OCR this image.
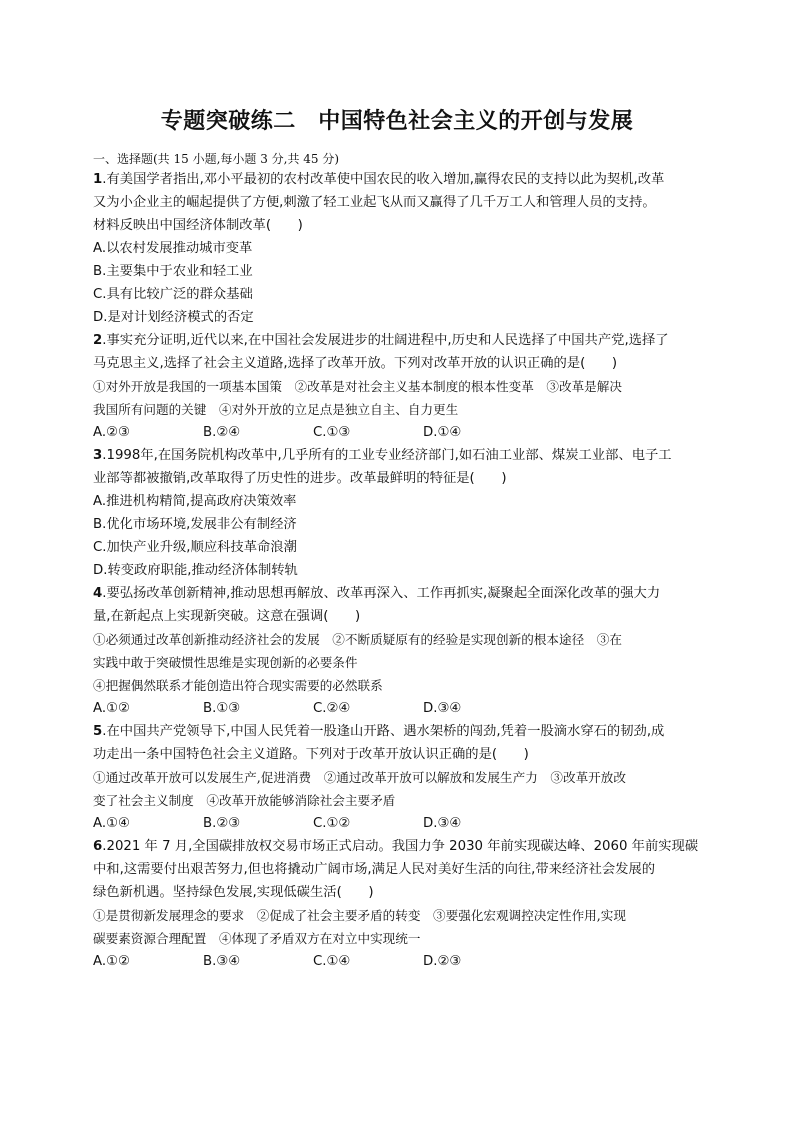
专题突破练二　中国特色社会主义的开创与发展
一、选择题(共 15 小题,每小题 3 分,共 45 分)
1.有美国学者指出,邓小平最初的农村改革使中国农民的收入增加,赢得农民的支持以此为契机,改革
又为小企业主的崛起提供了方便,刺激了轻工业起飞从而又赢得了几千万工人和管理人员的支持。
材料反映出中国经济体制改革(　　)
A.以农村发展推动城市变革
B.主要集中于农业和轻工业
C.具有比较广泛的群众基础
D.是对计划经济模式的否定
2.事实充分证明,近代以来,在中国社会发展进步的壮阔进程中,历史和人民选择了中国共产党,选择了
马克思主义,选择了社会主义道路,选择了改革开放。下列对改革开放的认识正确的是(　　)
①对外开放是我国的一项基本国策　②改革是对社会主义基本制度的根本性变革　③改革是解决
我国所有问题的关键　④对外开放的立足点是独立自主、自力更生
A.②③	B.②④	C.①③	D.①④
3.1998年,在国务院机构改革中,几乎所有的工业专业经济部门,如石油工业部、煤炭工业部、电子工
业部等都被撤销,改革取得了历史性的进步。改革最鲜明的特征是(　　)
A.推进机构精简,提高政府决策效率
B.优化市场环境,发展非公有制经济
C.加快产业升级,顺应科技革命浪潮
D.转变政府职能,推动经济体制转轨
4.要弘扬改革创新精神,推动思想再解放、改革再深入、工作再抓实,凝聚起全面深化改革的强大力
量,在新起点上实现新突破。这意在强调(　　)
①必须通过改革创新推动经济社会的发展　②不断质疑原有的经验是实现创新的根本途径　③在
实践中敢于突破惯性思维是实现创新的必要条件
④把握偶然联系才能创造出符合现实需要的必然联系
A.①②	B.①③	C.②④	D.③④
5.在中国共产党领导下,中国人民凭着一股逢山开路、遇水架桥的闯劲,凭着一股滴水穿石的韧劲,成
功走出一条中国特色社会主义道路。下列对于改革开放认识正确的是(　　)
①通过改革开放可以发展生产,促进消费　②通过改革开放可以解放和发展生产力　③改革开放改
变了社会主义制度　④改革开放能够消除社会主要矛盾
A.①④	B.②③	C.①②	D.③④
6.2021 年 7 月,全国碳排放权交易市场正式启动。我国力争 2030 年前实现碳达峰、2060 年前实现碳
中和,这需要付出艰苦努力,但也将撬动广阔市场,满足人民对美好生活的向往,带来经济社会发展的
绿色新机遇。坚持绿色发展,实现低碳生活(　　)
①是贯彻新发展理念的要求　②促成了社会主要矛盾的转变　③要强化宏观调控决定性作用,实现
碳要素资源合理配置　④体现了矛盾双方在对立中实现统一
A.①②	B.③④	C.①④	D.②③
